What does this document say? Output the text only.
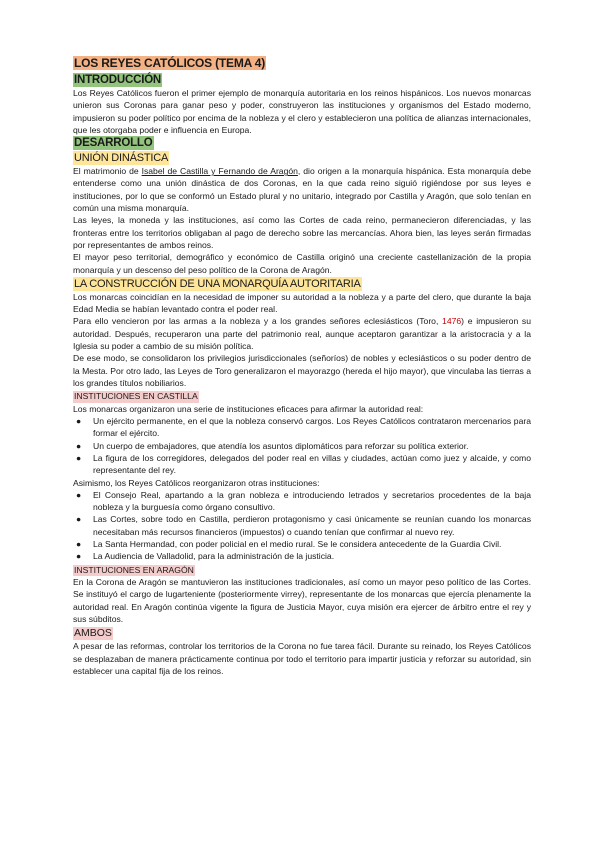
LOS REYES CATÓLICOS (TEMA 4)
INTRODUCCIÓN

Los Reyes Católicos fueron el primer ejemplo de monarquía autoritaria en los reinos hispánicos. Los nuevos monarcas unieron sus Coronas para ganar peso y poder, construyeron las instituciones y organismos del Estado moderno, impusieron su poder político por encima de la nobleza y el clero y establecieron una política de alianzas internacionales, que les otorgaba poder e influencia en Europa.

DESARROLLO
UNIÓN DINÁSTICA

El matrimonio de Isabel de Castilla y Fernando de Aragón, dio origen a la monarquía hispánica. Esta monarquía debe entenderse como una unión dinástica de dos Coronas, en la que cada reino siguió rigiéndose por sus leyes e instituciones, por lo que se conformó un Estado plural y no unitario, integrado por Castilla y Aragón, que solo tenían en común una misma monarquía.

Las leyes, la moneda y las instituciones, así como las Cortes de cada reino, permanecieron diferenciadas, y las fronteras entre los territorios obligaban al pago de derecho sobre las mercancías. Ahora bien, las leyes serán firmadas por representantes de ambos reinos.

El mayor peso territorial, demográfico y económico de Castilla originó una creciente castellanización de la propia monarquía y un descenso del peso político de la Corona de Aragón.

LA CONSTRUCCIÓN DE UNA MONARQUÍA AUTORITARIA

Los monarcas coincidían en la necesidad de imponer su autoridad a la nobleza y a parte del clero, que durante la baja Edad Media se habían levantado contra el poder real.

Para ello vencieron por las armas a la nobleza y a los grandes señores eclesiásticos (Toro, 1476) e impusieron su autoridad. Después, recuperaron una parte del patrimonio real, aunque aceptaron garantizar a la aristocracia y a la Iglesia su poder a cambio de su misión política.

De ese modo, se consolidaron los privilegios jurisdiccionales (señoríos) de nobles y eclesiásticos o su poder dentro de la Mesta. Por otro lado, las Leyes de Toro generalizaron el mayorazgo (hereda el hijo mayor), que vinculaba las tierras a los grandes títulos nobiliarios.

INSTITUCIONES EN CASTILLA

Los monarcas organizaron una serie de instituciones eficaces para afirmar la autoridad real:

● Un ejército permanente, en el que la nobleza conservó cargos. Los Reyes Católicos contrataron mercenarios para formar el ejército.
● Un cuerpo de embajadores, que atendía los asuntos diplomáticos para reforzar su política exterior.
● La figura de los corregidores, delegados del poder real en villas y ciudades, actúan como juez y alcaide, y como representante del rey.

Asimismo, los Reyes Católicos reorganizaron otras instituciones:

● El Consejo Real, apartando a la gran nobleza e introduciendo letrados y secretarios procedentes de la baja nobleza y la burguesía como órgano consultivo.
● Las Cortes, sobre todo en Castilla, perdieron protagonismo y casi únicamente se reunían cuando los monarcas necesitaban más recursos financieros (impuestos) o cuando tenían que confirmar al nuevo rey.
● La Santa Hermandad, con poder policial en el medio rural. Se le considera antecedente de la Guardia Civil.
● La Audiencia de Valladolid, para la administración de la justicia.
INSTITUCIONES EN ARAGÓN

En la Corona de Aragón se mantuvieron las instituciones tradicionales, así como un mayor peso político de las Cortes. Se instituyó el cargo de lugarteniente (posteriormente virrey), representante de los monarcas que ejercía plenamente la autoridad real. En Aragón continúa vigente la figura de Justicia Mayor, cuya misión era ejercer de árbitro entre el rey y sus súbditos.

AMBOS

A pesar de las reformas, controlar los territorios de la Corona no fue tarea fácil. Durante su reinado, los Reyes Católicos se desplazaban de manera prácticamente continua por todo el territorio para impartir justicia y reforzar su autoridad, sin establecer una capital fija de los reinos.
